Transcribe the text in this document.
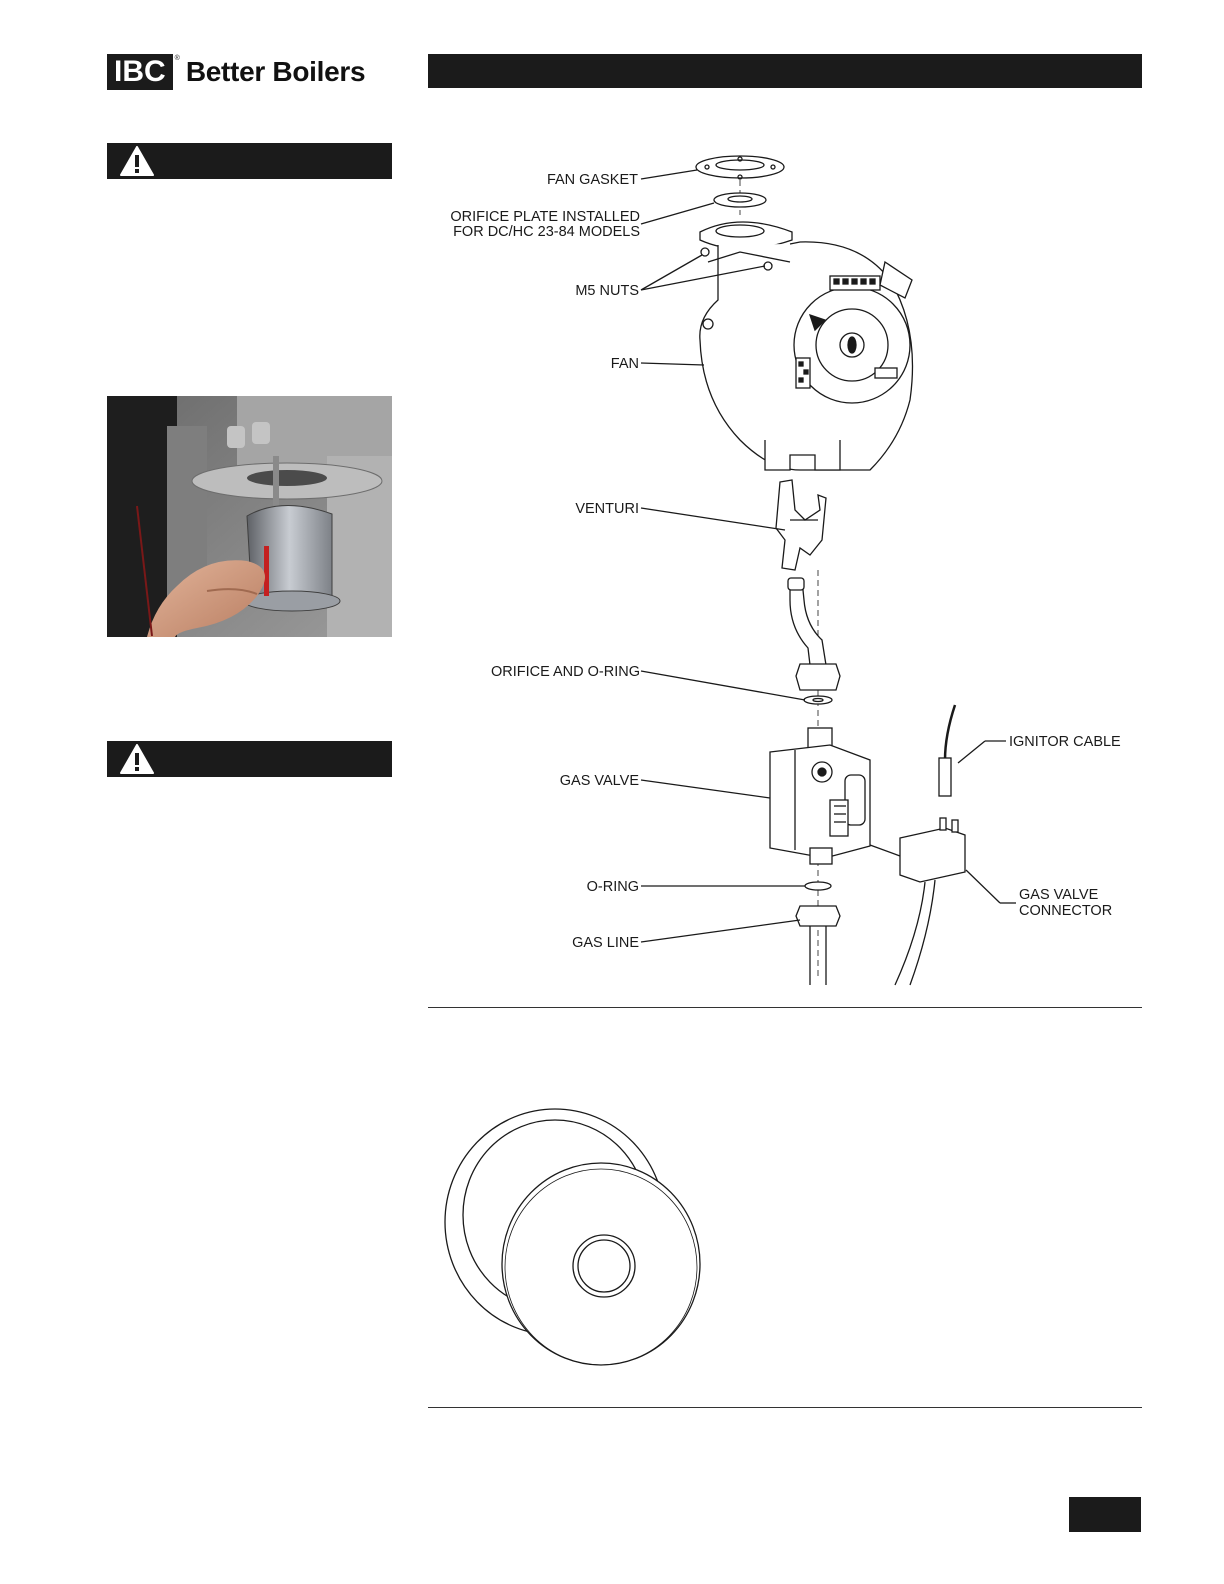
IBC	® Better Boilers
FAN GASKET
ORIFICE PLATE INSTALLED
FOR DC/HC 23-84 MODELS
M5 NUTS
FAN
VENTURI
ORIFICE AND O-RING
IGNITOR CABLE
GAS VALVE
O-RING
GAS LINE
GAS VALVE
CONNECTOR
